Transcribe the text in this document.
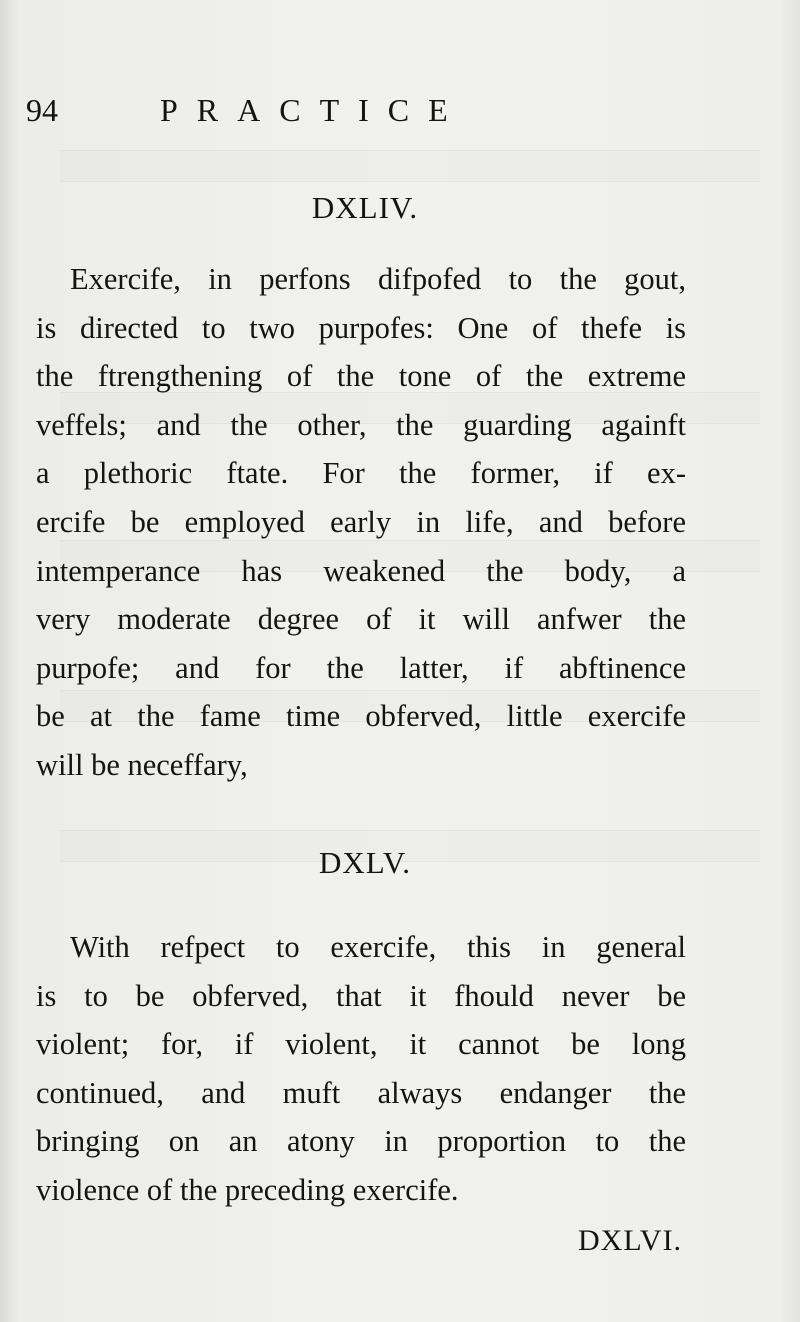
94	PRACTICE
DXLIV.
Exercife, in perfons difpofed to the gout,
is directed to two purpofes: One of thefe is
the ftrengthening of the tone of the extreme
veffels; and the other, the guarding againft
a plethoric ftate. For the former, if ex-
ercife be employed early in life, and before
intemperance has weakened the body, a
very moderate degree of it will anfwer the
purpofe; and for the latter, if abftinence
be at the fame time obferved, little exercife
will be neceffary,
DXLV.
With refpect to exercife, this in general
is to be obferved, that it fhould never be
violent; for, if violent, it cannot be long
continued, and muft always endanger the
bringing on an atony in proportion to the
violence of the preceding exercife.
DXLVI.
